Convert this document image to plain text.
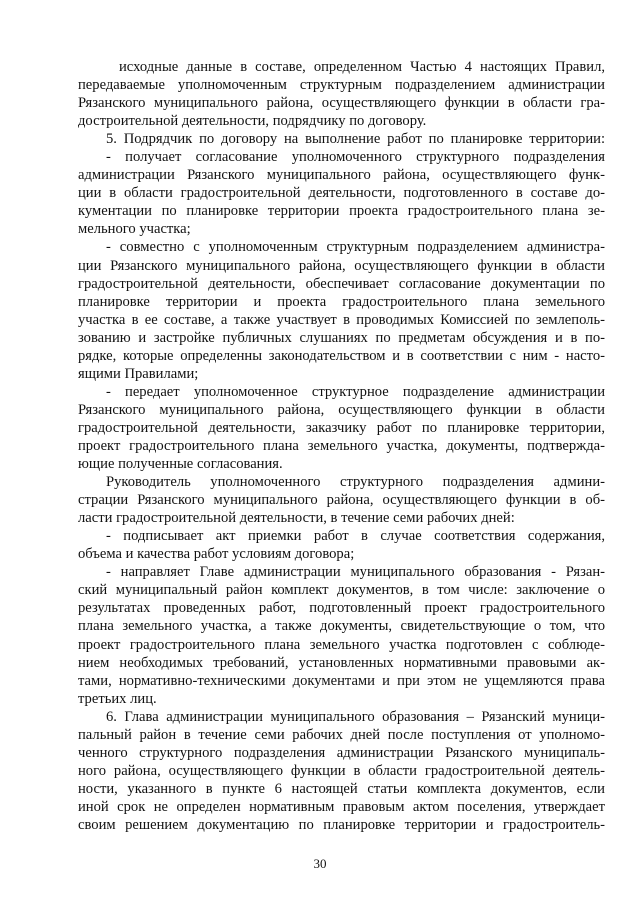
исходные данные в составе, определенном Частью 4 настоящих Правил,
передаваемые уполномоченным структурным подразделением администрации
Рязанского муниципального района, осуществляющего функции в области гра-
достроительной деятельности, подрядчику по договору.
5. Подрядчик по договору на выполнение работ по планировке территории:
- получает согласование уполномоченного структурного подразделения
администрации Рязанского муниципального района, осуществляющего функ-
ции в области градостроительной деятельности, подготовленного в составе до-
кументации по планировке территории проекта градостроительного плана зе-
мельного участка;
- совместно с уполномоченным структурным подразделением администра-
ции Рязанского муниципального района, осуществляющего функции в области
градостроительной деятельности, обеспечивает согласование документации по
планировке территории и проекта градостроительного плана земельного
участка в ее составе, а также участвует в проводимых Комиссией по землеполь-
зованию и застройке публичных слушаниях по предметам обсуждения и в по-
рядке, которые определенны законодательством и в соответствии с ним - насто-
ящими Правилами;
- передает уполномоченное структурное подразделение администрации
Рязанского муниципального района, осуществляющего функции в области
градостроительной деятельности, заказчику работ по планировке территории,
проект градостроительного плана земельного участка, документы, подтвержда-
ющие полученные согласования.
Руководитель уполномоченного структурного подразделения админи-
страции Рязанского муниципального района, осуществляющего функции в об-
ласти градостроительной деятельности, в течение семи рабочих дней:
- подписывает акт приемки работ в случае соответствия содержания,
объема и качества работ условиям договора;
- направляет Главе администрации муниципального образования - Рязан-
ский муниципальный район комплект документов, в том числе: заключение о
результатах проведенных работ, подготовленный проект градостроительного
плана земельного участка, а также документы, свидетельствующие о том, что
проект градостроительного плана земельного участка подготовлен с соблюде-
нием необходимых требований, установленных нормативными правовыми ак-
тами, нормативно-техническими документами и при этом не ущемляются права
третьих лиц.
6. Глава администрации муниципального образования – Рязанский муници-
пальный район в течение семи рабочих дней после поступления от уполномо-
ченного структурного подразделения администрации Рязанского муниципаль-
ного района, осуществляющего функции в области градостроительной деятель-
ности, указанного в пункте 6 настоящей статьи комплекта документов, если
иной срок не определен нормативным правовым актом поселения, утверждает
своим решением документацию по планировке территории и градостроитель-
30
